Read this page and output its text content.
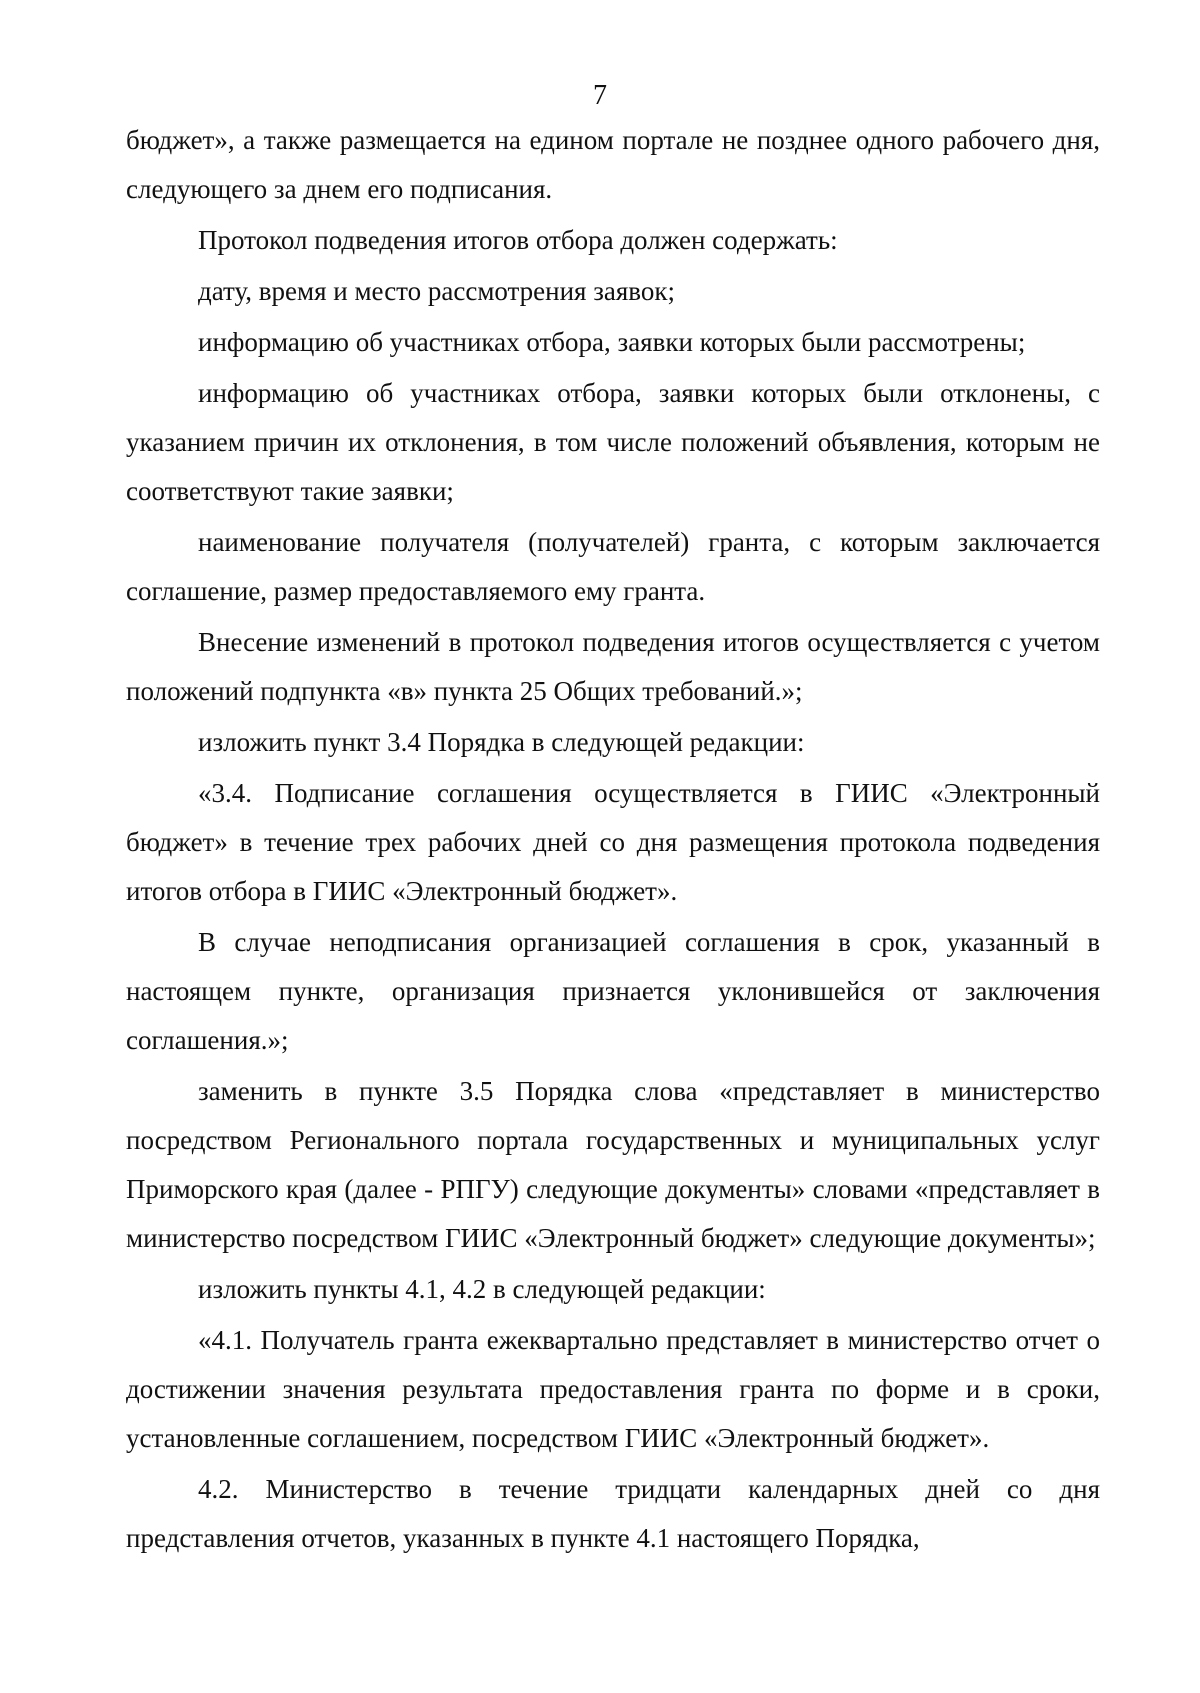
7

бюджет», а также размещается на едином портале не позднее одного рабочего дня, следующего за днем его подписания.

Протокол подведения итогов отбора должен содержать:

дату, время и место рассмотрения заявок;

информацию об участниках отбора, заявки которых были рассмотрены;

информацию об участниках отбора, заявки которых были отклонены, с указанием причин их отклонения, в том числе положений объявления, которым не соответствуют такие заявки;

наименование получателя (получателей) гранта, с которым заключается соглашение, размер предоставляемого ему гранта.

Внесение изменений в протокол подведения итогов осуществляется с учетом положений подпункта «в» пункта 25 Общих требований.»;

изложить пункт 3.4 Порядка в следующей редакции:

«3.4. Подписание соглашения осуществляется в ГИИС «Электронный бюджет» в течение трех рабочих дней со дня размещения протокола подведения итогов отбора в ГИИС «Электронный бюджет».

В случае неподписания организацией соглашения в срок, указанный в настоящем пункте, организация признается уклонившейся от заключения соглашения.»;

заменить в пункте 3.5 Порядка слова «представляет в министерство посредством Регионального портала государственных и муниципальных услуг Приморского края (далее - РПГУ) следующие документы» словами «представляет в министерство посредством ГИИС «Электронный бюджет» следующие документы»;

изложить пункты 4.1, 4.2 в следующей редакции:

«4.1. Получатель гранта ежеквартально представляет в министерство отчет о достижении значения результата предоставления гранта по форме и в сроки, установленные соглашением, посредством ГИИС «Электронный бюджет».

4.2. Министерство в течение тридцати календарных дней со дня представления отчетов, указанных в пункте 4.1 настоящего Порядка,
